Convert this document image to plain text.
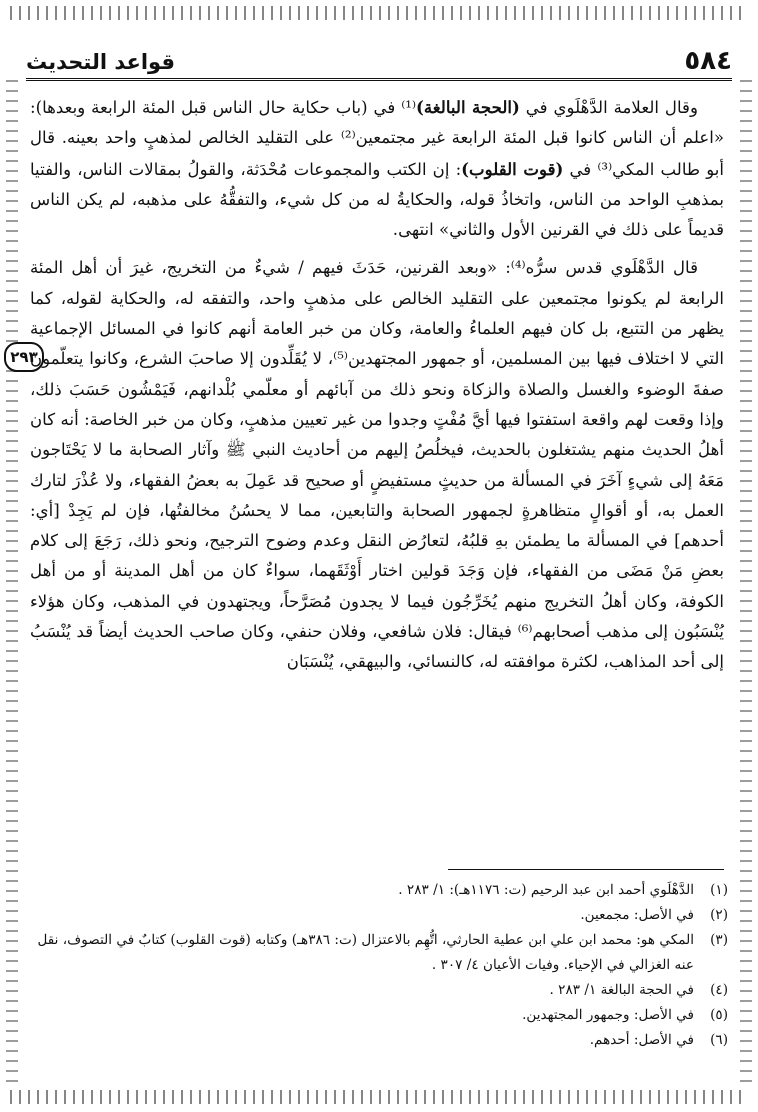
قواعد التحديث	٥٨٤
٢٩٣

وقال العلامة الدَّهْلَوي في (الحجة البالغة)⁽¹⁾ في (باب حكاية حال الناس قبل المئة الرابعة وبعدها): «اعلم أن الناس كانوا قبل المئة الرابعة غير مجتمعين⁽²⁾ على التقليد الخالص لمذهبٍ واحد بعينه. قال أبو طالب المكي⁽³⁾ في (قوت القلوب): إن الكتب والمجموعات مُحْدَثة، والقولُ بمقالات الناس، والفتيا بمذهبِ الواحد من الناس، واتخاذُ قوله، والحكايةُ له من كل شيء، والتفقُّهُ على مذهبه، لم يكن الناس قديماً على ذلك في القرنين الأول والثاني» انتهى.

قال الدَّهْلَوي قدس سرُّه⁽⁴⁾: «وبعد القرنين، حَدَثَ فيهم / شيءٌ من التخريج، غيرَ أن أهل المئة الرابعة لم يكونوا مجتمعين على التقليد الخالص على مذهبٍ واحد، والتفقه له، والحكاية لقوله، كما يظهر من التتبع، بل كان فيهم العلماءُ والعامة، وكان من خبر العامة أنهم كانوا في المسائل الإجماعية التي لا اختلاف فيها بين المسلمين، أو جمهور المجتهدين⁽⁵⁾، لا يُقَلِّدون إلا صاحبَ الشرع، وكانوا يتعلّمون صفةَ الوضوء والغسل والصلاة والزكاة ونحو ذلك من آبائهم أو معلّمي بُلْدانهم، فَيَمْشُون حَسَبَ ذلك، وإذا وقعت لهم واقعة استفتوا فيها أيَّ مُفْتٍ وجدوا من غير تعيين مذهبٍ، وكان من خبر الخاصة: أنه كان أهلُ الحديث منهم يشتغلون بالحديث، فيخلُصُ إليهم من أحاديث النبي ﷺ وآثار الصحابة ما لا يَحْتَاجون مَعَهُ إلى شيءٍ آخَرَ في المسألة من حديثٍ مستفيضٍ أو صحيح قد عَمِلَ به بعضُ الفقهاء، ولا عُذْرَ لتارك العمل به، أو أقوالٍ متظاهرةٍ لجمهور الصحابة والتابعين، مما لا يحسُنُ مخالفتُها، فإن لم يَجِدْ [أي: أحدهم] في المسألة ما يطمئن بهِ قلبُهُ، لتعارُض النقل وعدم وضوح الترجيح، ونحو ذلك، رَجَعَ إلى كلام بعضِ مَنْ مَضَى من الفقهاء، فإن وَجَدَ قولين اختار أَوْثَقَهما، سواءٌ كان من أهل المدينة أو من أهل الكوفة، وكان أهلُ التخريج منهم يُخَرِّجُون فيما لا يجدون مُصَرَّحاً، ويجتهدون في المذهب، وكان هؤلاء يُنْسَبُون إلى مذهب أصحابهم⁽⁶⁾ فيقال: فلان شافعي، وفلان حنفي، وكان صاحب الحديث أيضاً قد يُنْسَبُ إلى أحد المذاهب، لكثرة موافقته له، كالنسائي، والبيهقي، يُنْسَبَان

(١)
الدَّهْلَوي أحمد ابن عبد الرحيم (ت: ١١٧٦هـ): ١/ ٢٨٣ .
(٢)
في الأصل: مجمعين.
(٣)
المكي هو: محمد ابن علي ابن عطية الحارثي، اتُّهِم بالاعتزال (ت: ٣٨٦هـ) وكتابه (قوت القلوب) كتابٌ في التصوف، نقل عنه الغزالي في الإحياء. وفيات الأعيان ٤/ ٣٠٧ .
(٤)
في الحجة البالغة ١/ ٢٨٣ .
(٥)
في الأصل: وجمهور المجتهدين.
(٦)
في الأصل: أحدهم.
